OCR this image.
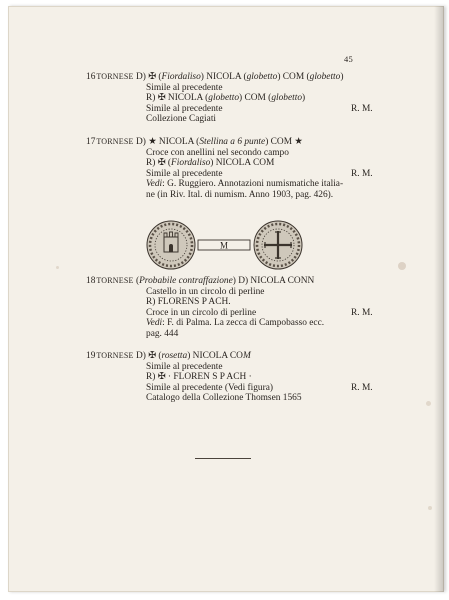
45
16 TORNESE D) ✠ (Fiordaliso) NICOLA (globetto) COM (globetto)
Simile al precedente
R) ✠ NICOLA (globetto) COM (globetto)
Simile al precedente	R. M.
Collezione Cagiati
17 TORNESE D) ★ NICOLA (Stellina a 6 punte) COM ★
Croce con anellini nel secondo campo
R) ✠ (Fiordaliso) NICOLA COM
Simile al precedente	R. M.
Vedi: G. Ruggiero. Annotazioni numismatiche italia-
ne (in Riv. Ital. di numism. Anno 1903, pag. 426).
M
18 TORNESE (Probabile contraffazione) D) NICOLA CONN
Castello in un circolo di perline
R) FLORENS P ACH.
Croce in un circolo di perline	R. M.
Vedi: F. di Palma. La zecca di Campobasso ecc.
pag. 444
19 TORNESE D) ✠ (rosetta) NICOLA COM
Simile al precedente
R) ✠ · FLOREN S P ACH ·
Simile al precedente (Vedi figura)	R. M.
Catalogo della Collezione Thomsen 1565
